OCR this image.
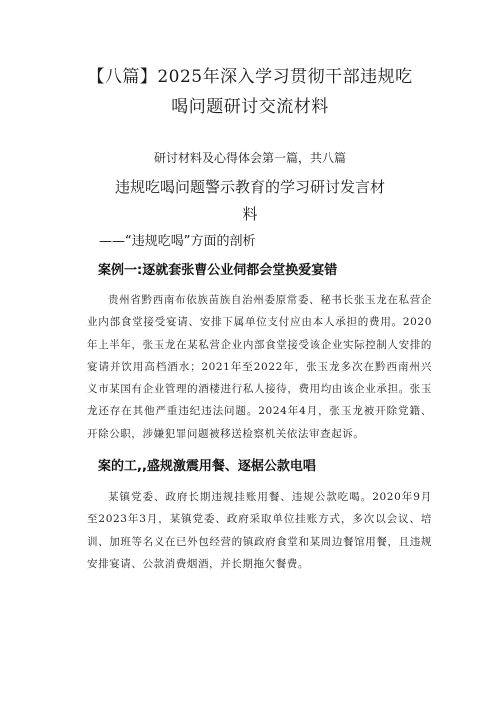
【八篇】2025年深入学习贯彻干部违规吃
喝问题研讨交流材料
研讨材料及心得体会第一篇，共八篇
违规吃喝问题警示教育的学习研讨发言材
料
——“违规吃喝”方面的剖析
案例一:逐就套张曹公业伺都会堂换爱宴错
贵州省黔西南布依族苗族自治州委原常委、秘书长张玉龙在私营企业内部食堂接受宴请、安排下属单位支付应由本人承担的费用。2020年上半年，张玉龙在某私营企业内部食堂接受该企业实际控制人安排的宴请并饮用高档酒水；2021年至2022年，张玉龙多次在黔西南州兴义市某国有企业管理的酒楼进行私人接待，费用均由该企业承担。张玉龙还存在其他严重违纪违法问题。2024年4月，张玉龙被开除党籍、开除公职，涉嫌犯罪问题被移送检察机关依法审查起诉。
案的工,,盛规激震用餐、逐椐公款电唱
某镇党委、政府长期违规挂账用餐、违规公款吃喝。2020年9月至2023年3月，某镇党委、政府采取单位挂账方式，多次以会议、培训、加班等名义在已外包经营的镇政府食堂和某周边餐馆用餐，且违规安排宴请、公款消费烟酒，并长期拖欠餐费。
